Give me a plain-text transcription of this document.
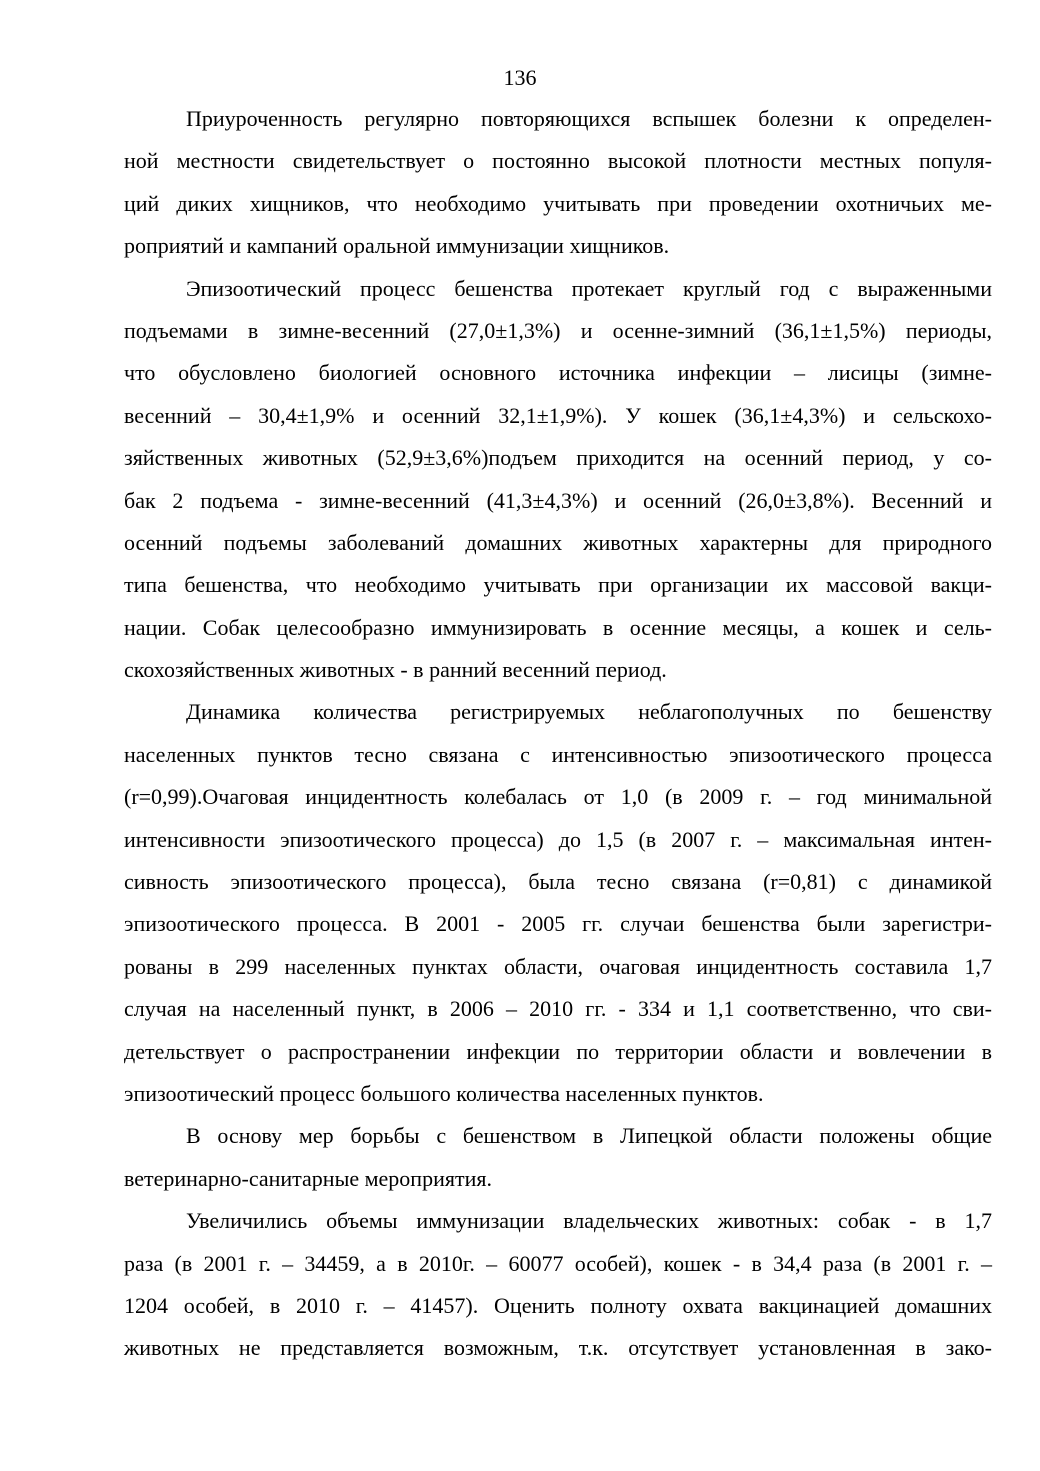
136
Приуроченность регулярно повторяющихся вспышек болезни к определен-
ной местности свидетельствует о постоянно высокой плотности местных популя-
ций диких хищников, что необходимо учитывать при проведении охотничьих ме-
роприятий и кампаний оральной иммунизации хищников.
Эпизоотический процесс бешенства протекает круглый год с выраженными
подъемами в зимне-весенний (27,0±1,3%) и осенне-зимний (36,1±1,5%) периоды,
что обусловлено биологией основного источника инфекции – лисицы (зимне-
весенний – 30,4±1,9% и осенний 32,1±1,9%). У кошек (36,1±4,3%) и сельскохо-
зяйственных животных (52,9±3,6%)подъем приходится на осенний период, у со-
бак 2 подъема - зимне-весенний (41,3±4,3%) и осенний (26,0±3,8%). Весенний и
осенний подъемы заболеваний домашних животных характерны для природного
типа бешенства, что необходимо учитывать при организации их массовой вакци-
нации. Собак целесообразно иммунизировать в осенние месяцы, а кошек и сель-
скохозяйственных животных - в ранний весенний период.
Динамика количества регистрируемых неблагополучных по бешенству
населенных пунктов тесно связана с интенсивностью эпизоотического процесса
(r=0,99).Очаговая инцидентность колебалась от 1,0 (в 2009 г. – год минимальной
интенсивности эпизоотического процесса) до 1,5 (в 2007 г. – максимальная интен-
сивность эпизоотического процесса), была тесно связана (r=0,81) с динамикой
эпизоотического процесса. В 2001 - 2005 гг. случаи бешенства были зарегистри-
рованы в 299 населенных пунктах области, очаговая инцидентность составила 1,7
случая на населенный пункт, в 2006 – 2010 гг. - 334 и 1,1 соответственно, что сви-
детельствует о распространении инфекции по территории области и вовлечении в
эпизоотический процесс большого количества населенных пунктов.
В основу мер борьбы с бешенством в Липецкой области положены общие
ветеринарно-санитарные мероприятия.
Увеличились объемы иммунизации владельческих животных: собак - в 1,7
раза (в 2001 г. – 34459, а в 2010г. – 60077 особей), кошек - в 34,4 раза (в 2001 г. –
1204 особей, в 2010 г. – 41457). Оценить полноту охвата вакцинацией домашних
животных не представляется возможным, т.к. отсутствует установленная в зако-
